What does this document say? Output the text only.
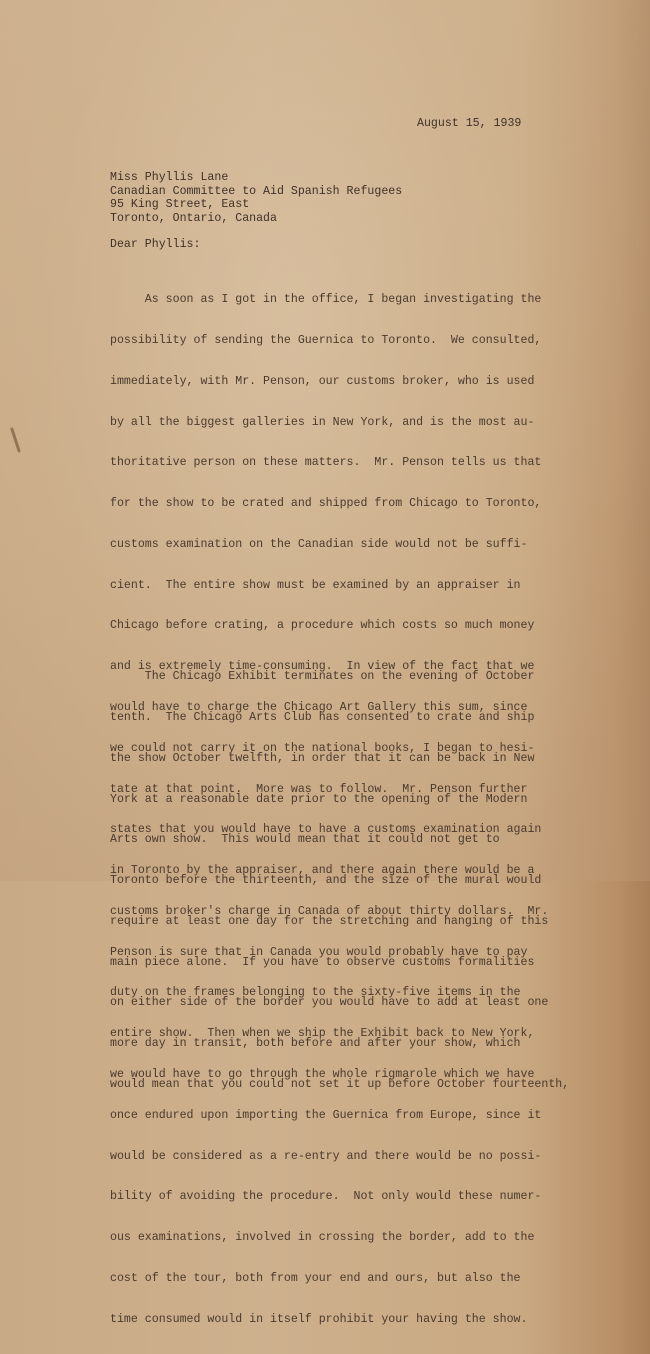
August 15, 1939
Miss Phyllis Lane
Canadian Committee to Aid Spanish Refugees
95 King Street, East
Toronto, Ontario, Canada
Dear Phyllis:

As soon as I got in the office, I began investigating the

possibility of sending the Guernica to Toronto.  We consulted,

immediately, with Mr. Penson, our customs broker, who is used

by all the biggest galleries in New York, and is the most au-

thoritative person on these matters.  Mr. Penson tells us that

for the show to be crated and shipped from Chicago to Toronto,

customs examination on the Canadian side would not be suffi-

cient.  The entire show must be examined by an appraiser in

Chicago before crating, a procedure which costs so much money

and is extremely time-consuming.  In view of the fact that we

would have to charge the Chicago Art Gallery this sum, since

we could not carry it on the national books, I began to hesi-

tate at that point.  More was to follow.  Mr. Penson further

states that you would have to have a customs examination again

in Toronto by the appraiser, and there again there would be a

customs broker's charge in Canada of about thirty dollars.  Mr.

Penson is sure that in Canada you would probably have to pay

duty on the frames belonging to the sixty-five items in the

entire show.  Then when we ship the Exhibit back to New York,

we would have to go through the whole rigmarole which we have

once endured upon importing the Guernica from Europe, since it

would be considered as a re-entry and there would be no possi-

bility of avoiding the procedure.  Not only would these numer-

ous examinations, involved in crossing the border, add to the

cost of the tour, both from your end and ours, but also the

time consumed would in itself prohibit your having the show.

The Chicago Exhibit terminates on the evening of October

tenth.  The Chicago Arts Club has consented to crate and ship

the show October twelfth, in order that it can be back in New

York at a reasonable date prior to the opening of the Modern

Arts own show.  This would mean that it could not get to

Toronto before the thirteenth, and the size of the mural would

require at least one day for the stretching and hanging of this

main piece alone.  If you have to observe customs formalities

on either side of the border you would have to add at least one

more day in transit, both before and after your show, which

would mean that you could not set it up before October fourteenth,
